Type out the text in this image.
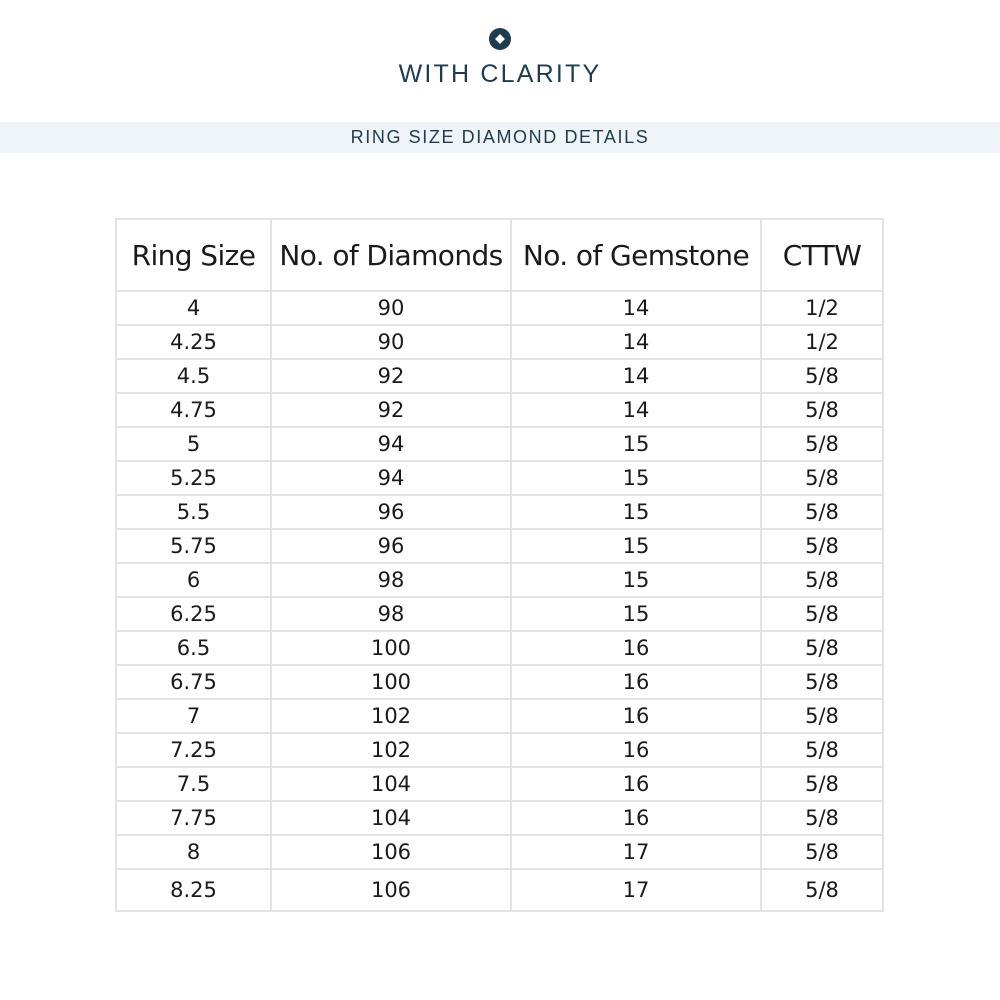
WITH CLARITY
RING SIZE DIAMOND DETAILS
Ring Size	No. of Diamonds	No. of Gemstone	CTTW
4	90	14	1/2
4.25	90	14	1/2
4.5	92	14	5/8
4.75	92	14	5/8
5	94	15	5/8
5.25	94	15	5/8
5.5	96	15	5/8
5.75	96	15	5/8
6	98	15	5/8
6.25	98	15	5/8
6.5	100	16	5/8
6.75	100	16	5/8
7	102	16	5/8
7.25	102	16	5/8
7.5	104	16	5/8
7.75	104	16	5/8
8	106	17	5/8
8.25	106	17	5/8
